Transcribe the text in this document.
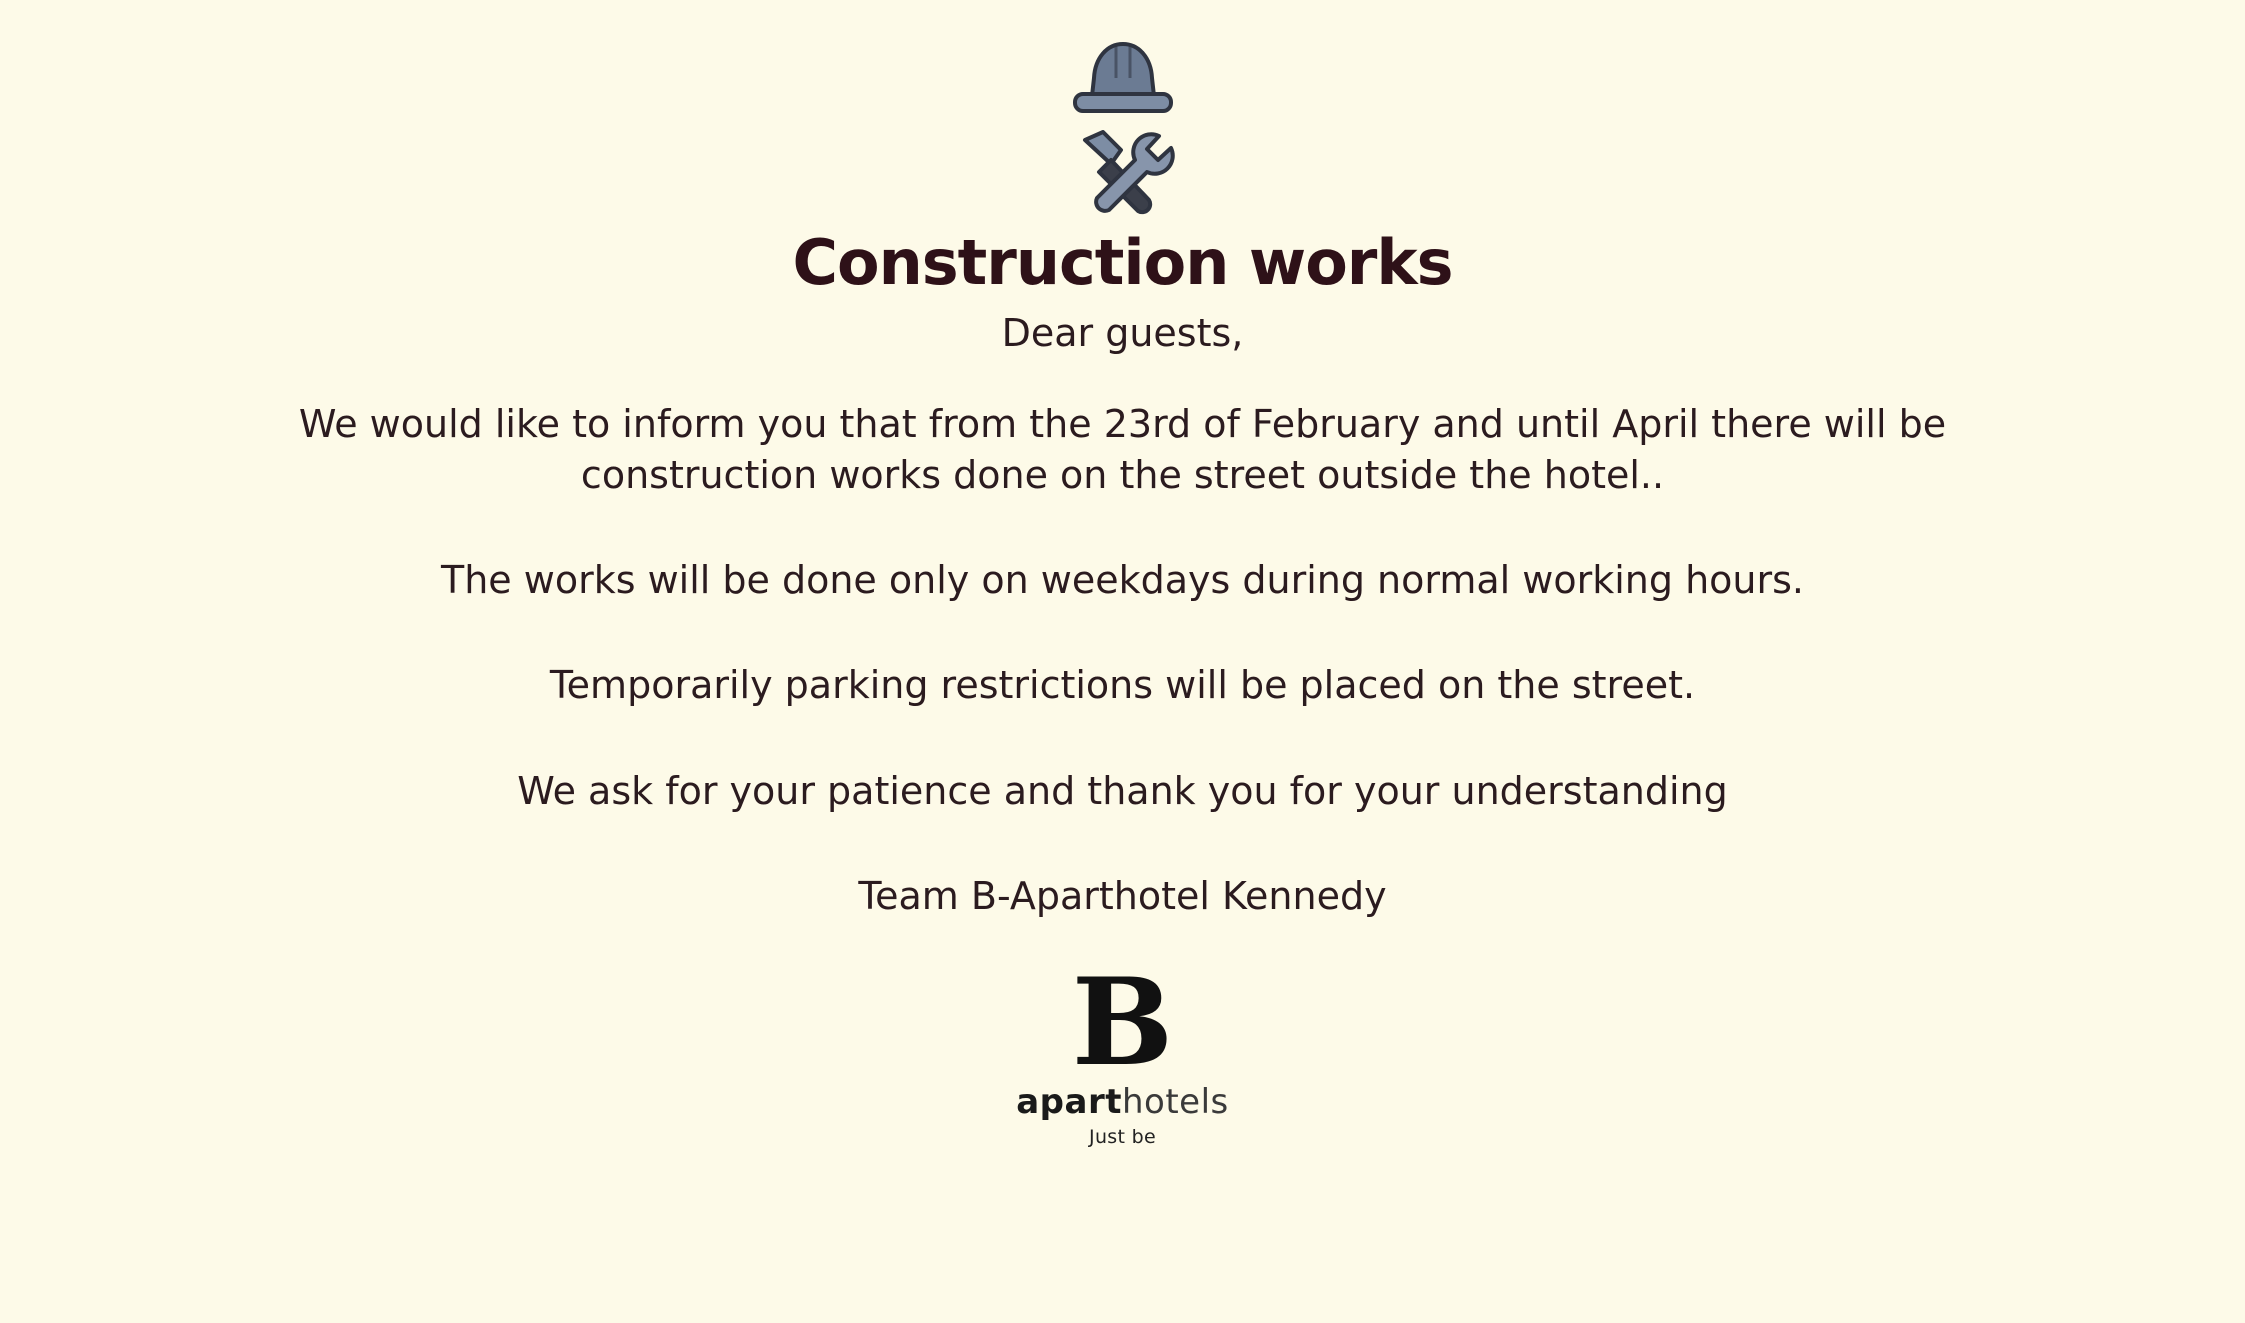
Construction works
Dear guests,

We would like to inform you that from the 23rd of February and until April there will be construction works done on the street outside the hotel..

The works will be done only on weekdays during normal working hours.

Temporarily parking restrictions will be placed on the street.

We ask for your patience and thank you for your understanding

Team B-Aparthotel Kennedy

B
aparthotels
Just be
